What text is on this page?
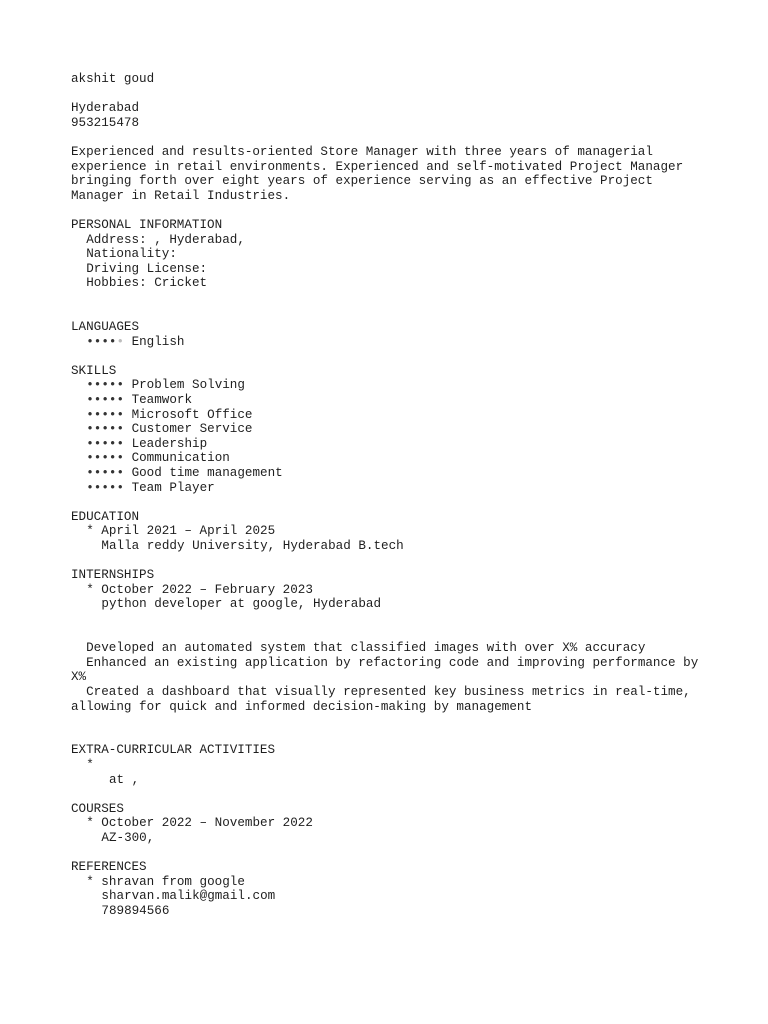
akshit goud
Hyderabad
953215478
Experienced and results-oriented Store Manager with three years of managerial experience in retail environments. Experienced and self-motivated Project Manager bringing forth over eight years of experience serving as an effective Project Manager in Retail Industries.
PERSONAL INFORMATION
Address: , Hyderabad,
Nationality:
Driving License:
Hobbies: Cricket
LANGUAGES
••••• English
SKILLS
••••• Problem Solving
••••• Teamwork
••••• Microsoft Office
••••• Customer Service
••••• Leadership
••••• Communication
••••• Good time management
••••• Team Player
EDUCATION
* April 2021 – April 2025
Malla reddy University, Hyderabad B.tech
INTERNSHIPS
* October 2022 – February 2023
python developer at google, Hyderabad
Developed an automated system that classified images with over X% accuracy
Enhanced an existing application by refactoring code and improving performance by X%
Created a dashboard that visually represented key business metrics in real-time, allowing for quick and informed decision-making by management
EXTRA-CURRICULAR ACTIVITIES
*
at ,
COURSES
* October 2022 – November 2022
AZ-300,
REFERENCES
* shravan from google
sharvan.malik@gmail.com
789894566
